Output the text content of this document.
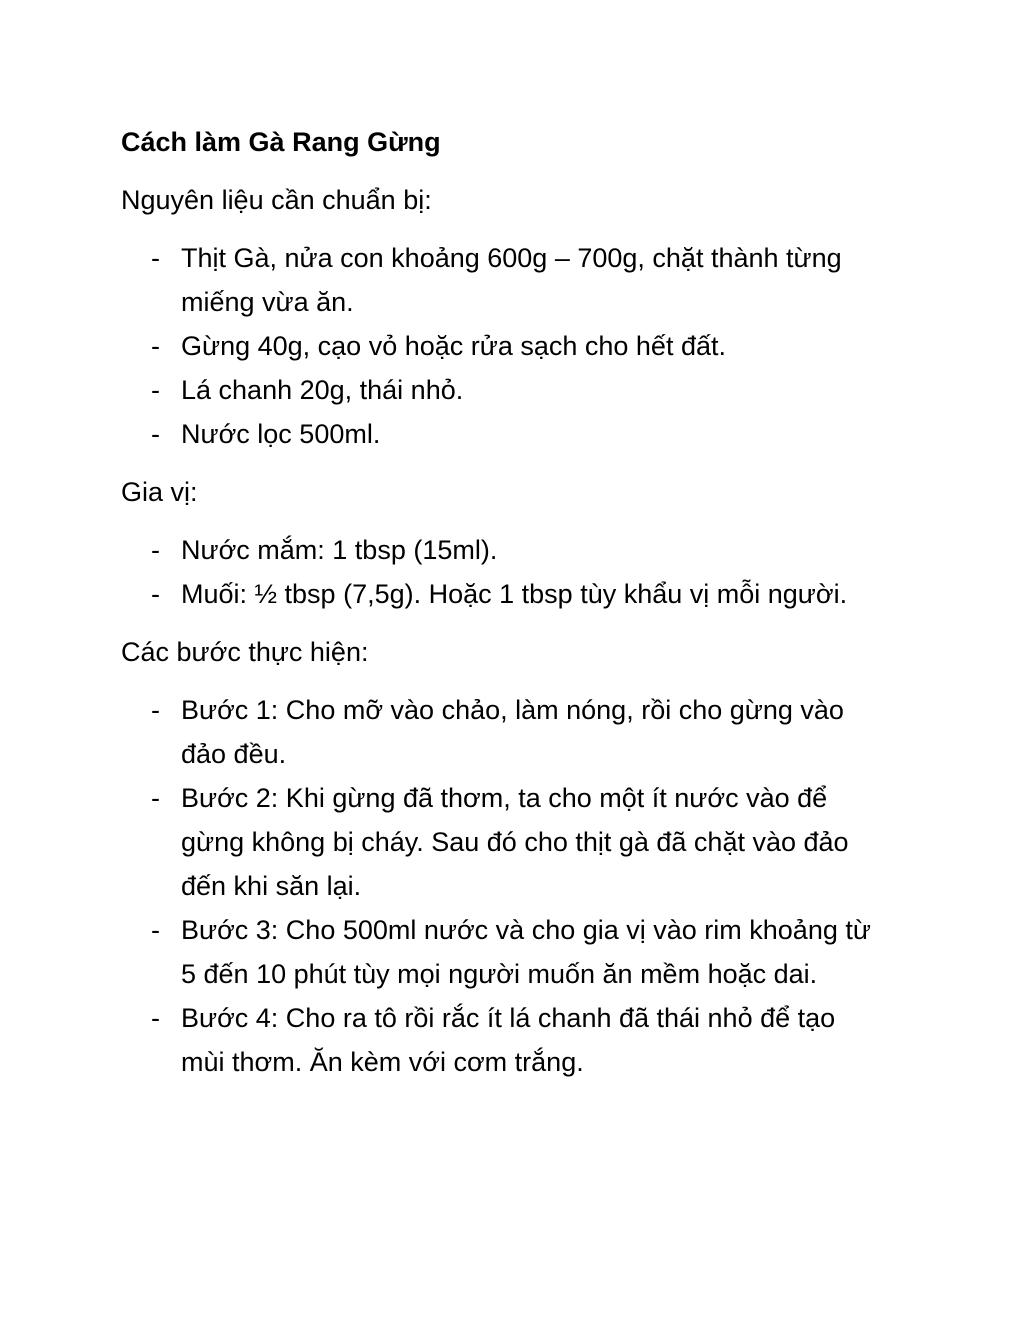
Cách làm Gà Rang Gừng

Nguyên liệu cần chuẩn bị:

- Thịt Gà, nửa con khoảng 600g – 700g, chặt thành từng miếng vừa ăn.
- Gừng 40g, cạo vỏ hoặc rửa sạch cho hết đất.
- Lá chanh 20g, thái nhỏ.
- Nước lọc 500ml.

Gia vị:

- Nước mắm: 1 tbsp (15ml).
- Muối: ½ tbsp (7,5g). Hoặc 1 tbsp tùy khẩu vị mỗi người.

Các bước thực hiện:

- Bước 1: Cho mỡ vào chảo, làm nóng, rồi cho gừng vào đảo đều.
- Bước 2: Khi gừng đã thơm, ta cho một ít nước vào để gừng không bị cháy. Sau đó cho thịt gà đã chặt vào đảo đến khi săn lại.
- Bước 3: Cho 500ml nước và cho gia vị vào rim khoảng từ 5 đến 10 phút tùy mọi người muốn ăn mềm hoặc dai.
- Bước 4: Cho ra tô rồi rắc ít lá chanh đã thái nhỏ để tạo mùi thơm. Ăn kèm với cơm trắng.
